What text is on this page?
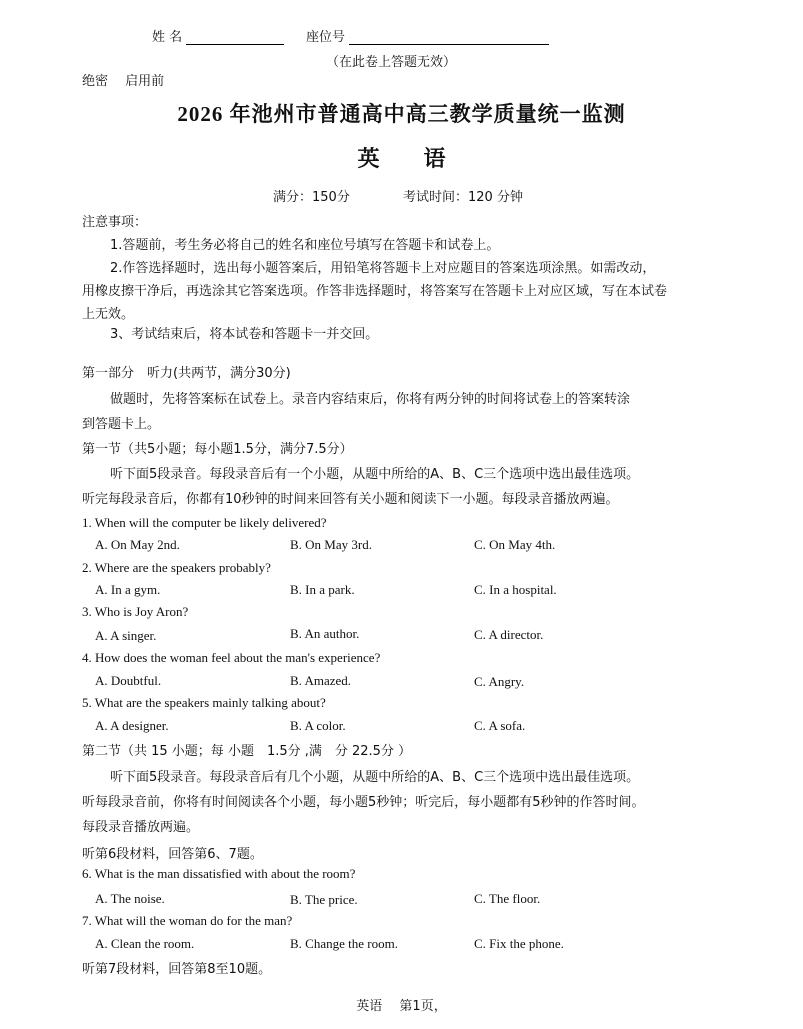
姓 名	座位号
（在此卷上答题无效）
绝密　 启用前
2026 年池州市普通高中高三教学质量统一监测
英　　语
满分：150分	考试时间：120 分钟
注意事项：
1.答题前，考生务必将自己的姓名和座位号填写在答题卡和试卷上。
2.作答选择题时，选出每小题答案后，用铅笔将答题卡上对应题目的答案选项涂黑。如需改动，
用橡皮擦干净后，再选涂其它答案选项。作答非选择题时，将答案写在答题卡上对应区域，写在本试卷
上无效。
3、考试结束后，将本试卷和答题卡一并交回。
第一部分　听力(共两节，满分30分)
做题时，先将答案标在试卷上。录音内容结束后，你将有两分钟的时间将试卷上的答案转涂
到答题卡上。
第一节（共5小题；每小题1.5分，满分7.5分）
听下面5段录音。每段录音后有一个小题，从题中所给的A、B、C三个选项中选出最佳选项。
听完每段录音后，你都有10秒钟的时间来回答有关小题和阅读下一小题。每段录音播放两遍。
1. When will the computer be likely delivered?
A. On May 2nd.	B. On May 3rd.	C. On May 4th.
2. Where are the speakers probably?
A. In a gym.	B. In a park.	C. In a hospital.
3. Who is Joy Aron?
A. A singer.	B. An author.	C. A director.
4. How does the woman feel about the man's experience?
A. Doubtful.	B. Amazed.	C. Angry.
5. What are the speakers mainly talking about?
A. A designer.	B. A color.	C. A sofa.
第二节（共 15 小题；每 小题　1.5分 ,满　分 22.5分 ）
听下面5段录音。每段录音后有几个小题，从题中所给的A、B、C三个选项中选出最佳选项。
听每段录音前，你将有时间阅读各个小题，每小题5秒钟；听完后，每小题都有5秒钟的作答时间。
每段录音播放两遍。
听第6段材料，回答第6、7题。
6. What is the man dissatisfied with about the room?
A. The noise.	B. The price.	C. The floor.
7. What will the woman do for the man?
A. Clean the room.	B. Change the room.	C. Fix the phone.
听第7段材料，回答第8至10题。
英语　 第1页，
